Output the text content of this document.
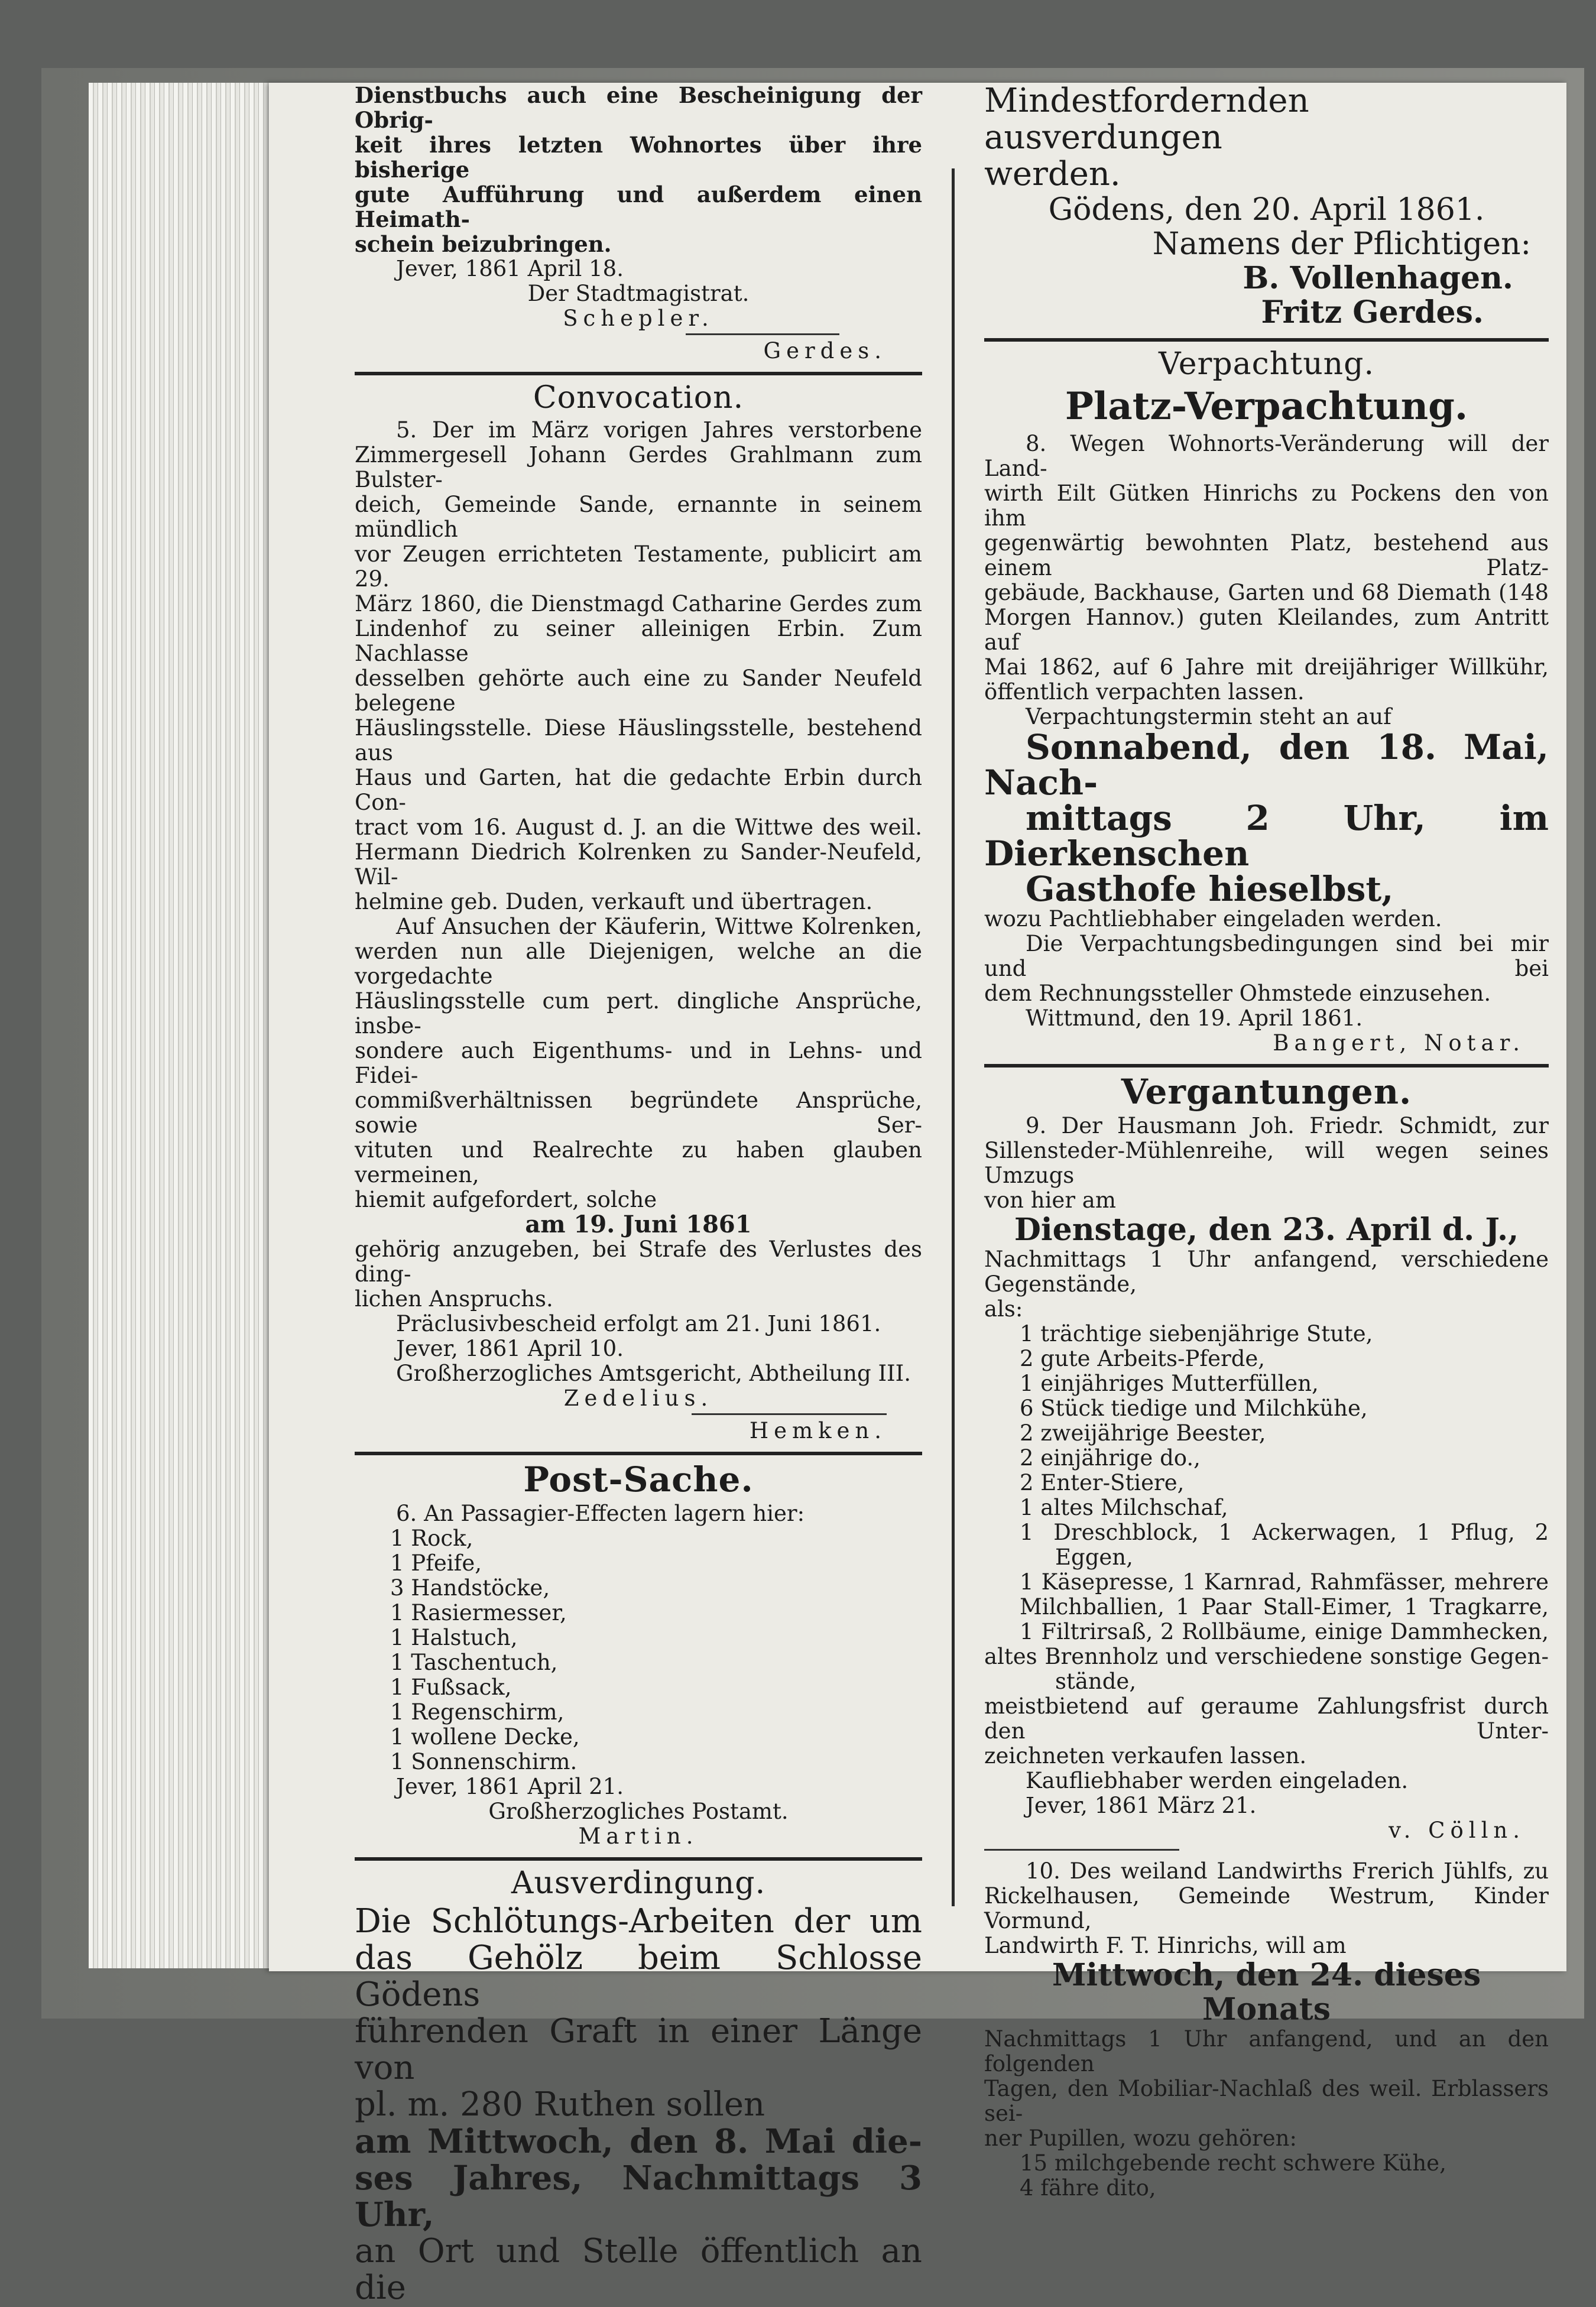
Dienstbuchs auch eine Bescheinigung der Obrig-

keit ihres letzten Wohnortes über ihre bisherige

gute Aufführung und außerdem einen Heimath-

schein beizubringen.

Jever, 1861 April 18.

Der Stadtmagistrat.

Schepler.

Gerdes.

Convocation.

5. Der im März vorigen Jahres verstorbene

Zimmergesell Johann Gerdes Grahlmann zum Bulster-

deich, Gemeinde Sande, ernannte in seinem mündlich

vor Zeugen errichteten Testamente, publicirt am 29.

März 1860, die Dienstmagd Catharine Gerdes zum

Lindenhof zu seiner alleinigen Erbin. Zum Nachlasse

desselben gehörte auch eine zu Sander Neufeld belegene

Häuslingsstelle. Diese Häuslingsstelle, bestehend aus

Haus und Garten, hat die gedachte Erbin durch Con-

tract vom 16. August d. J. an die Wittwe des weil.

Hermann Diedrich Kolrenken zu Sander-Neufeld, Wil-

helmine geb. Duden, verkauft und übertragen.

Auf Ansuchen der Käuferin, Wittwe Kolrenken,

werden nun alle Diejenigen, welche an die vorgedachte

Häuslingsstelle cum pert. dingliche Ansprüche, insbe-

sondere auch Eigenthums- und in Lehns- und Fidei-

commißverhältnissen begründete Ansprüche, sowie Ser-

vituten und Realrechte zu haben glauben vermeinen,

hiemit aufgefordert, solche

am 19. Juni 1861

gehörig anzugeben, bei Strafe des Verlustes des ding-

lichen Anspruchs.

Präclusivbescheid erfolgt am 21. Juni 1861.

Jever, 1861 April 10.

Großherzogliches Amtsgericht, Abtheilung III.

Zedelius.

Hemken.

Post-Sache.

6. An Passagier-Effecten lagern hier:

1 Rock,

1 Pfeife,

3 Handstöcke,

1 Rasiermesser,

1 Halstuch,

1 Taschentuch,

1 Fußsack,

1 Regenschirm,

1 wollene Decke,

1 Sonnenschirm.

Jever, 1861 April 21.

Großherzogliches Postamt.

Martin.

Ausverdingung.

Die Schlötungs-Arbeiten der um

das Gehölz beim Schlosse Gödens

führenden Graft in einer Länge von

pl. m. 280 Ruthen sollen

am Mittwoch, den 8. Mai die-

ses Jahres, Nachmittags 3 Uhr,

an Ort und Stelle öffentlich an die

Mindestfordernden ausverdungen

werden.

Gödens, den 20. April 1861.

Namens der Pflichtigen:

B. Vollenhagen.

Fritz Gerdes.

Verpachtung.
Platz-Verpachtung.

8. Wegen Wohnorts-Veränderung will der Land-

wirth Eilt Gütken Hinrichs zu Pockens den von ihm

gegenwärtig bewohnten Platz, bestehend aus einem Platz-

gebäude, Backhause, Garten und 68 Diemath (148

Morgen Hannov.) guten Kleilandes, zum Antritt auf

Mai 1862, auf 6 Jahre mit dreijähriger Willkühr,

öffentlich verpachten lassen.

Verpachtungstermin steht an auf

Sonnabend, den 18. Mai, Nach-

mittags 2 Uhr, im Dierkenschen

Gasthofe hieselbst,

wozu Pachtliebhaber eingeladen werden.

Die Verpachtungsbedingungen sind bei mir und bei

dem Rechnungssteller Ohmstede einzusehen.

Wittmund, den 19. April 1861.

Bangert, Notar.

Vergantungen.

9. Der Hausmann Joh. Friedr. Schmidt, zur

Sillensteder-Mühlenreihe, will wegen seines Umzugs

von hier am

Dienstage, den 23. April d. J.,

Nachmittags 1 Uhr anfangend, verschiedene Gegenstände,

als:

1 trächtige siebenjährige Stute,

2 gute Arbeits-Pferde,

1 einjähriges Mutterfüllen,

6 Stück tiedige und Milchkühe,

2 zweijährige Beester,

2 einjährige do.,

2 Enter-Stiere,

1 altes Milchschaf,

1 Dreschblock, 1 Ackerwagen, 1 Pflug, 2 Eggen,

1 Käsepresse, 1 Karnrad, Rahmfässer, mehrere

Milchballien, 1 Paar Stall-Eimer, 1 Tragkarre,

1 Filtrirsaß, 2 Rollbäume, einige Dammhecken,

altes Brennholz und verschiedene sonstige Gegen-

stände,

meistbietend auf geraume Zahlungsfrist durch den Unter-

zeichneten verkaufen lassen.

Kaufliebhaber werden eingeladen.

Jever, 1861 März 21.

v. Cölln.

10. Des weiland Landwirths Frerich Jühlfs, zu

Rickelhausen, Gemeinde Westrum, Kinder Vormund,

Landwirth F. T. Hinrichs, will am

Mittwoch, den 24. dieses Monats

Nachmittags 1 Uhr anfangend, und an den folgenden

Tagen, den Mobiliar-Nachlaß des weil. Erblassers sei-

ner Pupillen, wozu gehören:

15 milchgebende recht schwere Kühe,

4 fähre dito,
